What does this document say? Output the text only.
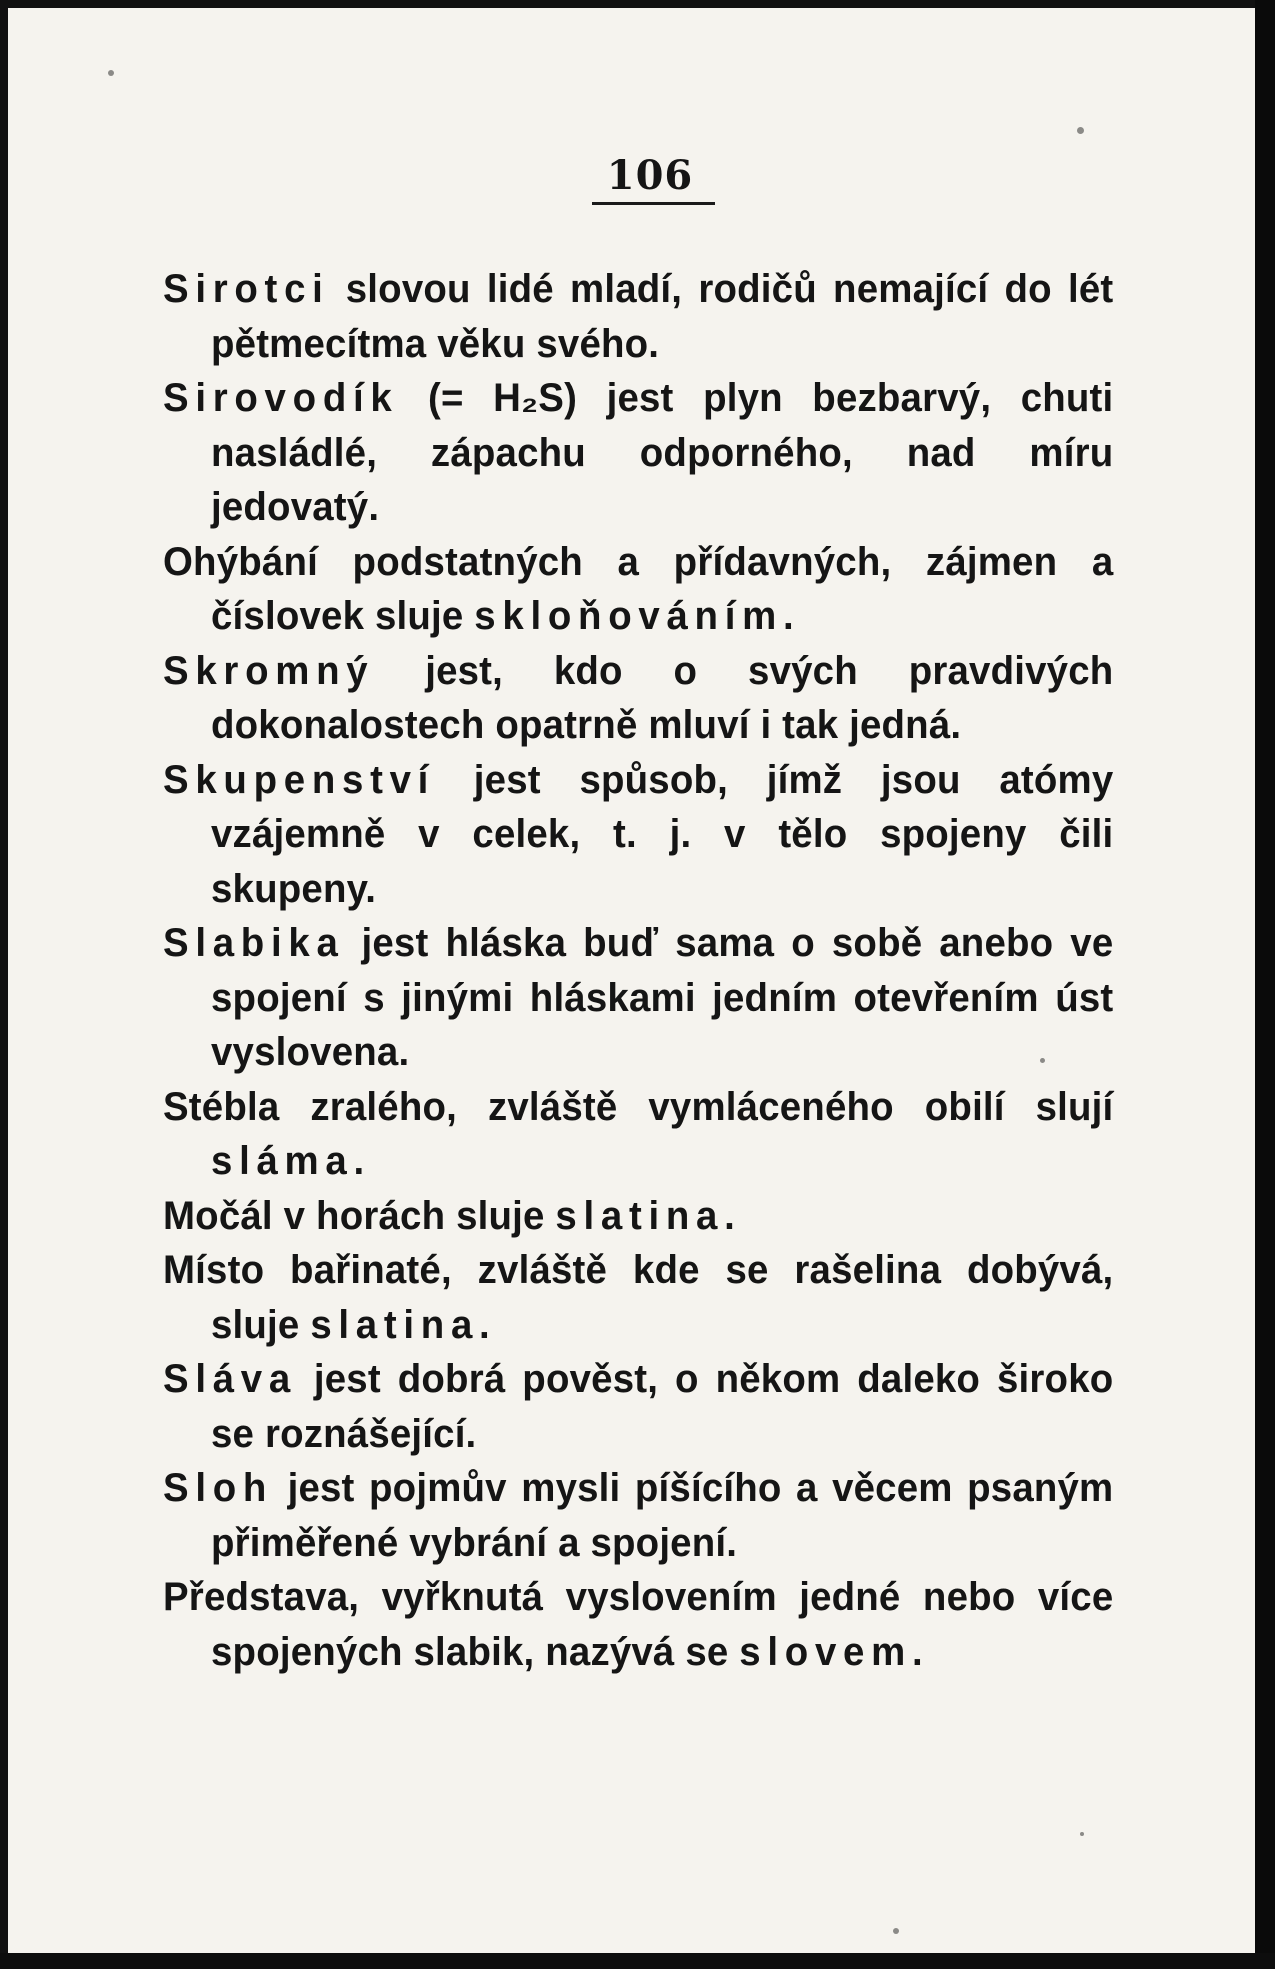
106

Sirotci slovou lidé mladí, rodičů nemající do lét pětmecítma věku svého.

Sirovodík (= H₂S) jest plyn bezbarvý, chuti nasládlé, zápachu odporného, nad míru jedovatý.

Ohýbání podstatných a přídavných, zájmen a číslovek sluje skloňováním.

Skromný jest, kdo o svých pravdivých dokonalostech opatrně mluví i tak jedná.

Skupenství jest spůsob, jímž jsou atómy vzájemně v celek, t. j. v tělo spojeny čili skupeny.

Slabika jest hláska buď sama o sobě anebo ve spojení s jinými hláskami jedním otevřením úst vyslovena.

Stébla zralého, zvláště vymláceného obilí slují sláma.

Močál v horách sluje slatina.

Místo bařinaté, zvláště kde se rašelina dobývá, sluje slatina.

Sláva jest dobrá pověst, o někom daleko široko se roznášející.

Sloh jest pojmův mysli píšícího a věcem psaným přiměřené vybrání a spojení.

Představa, vyřknutá vyslovením jedné nebo více spojených slabik, nazývá se slovem.
